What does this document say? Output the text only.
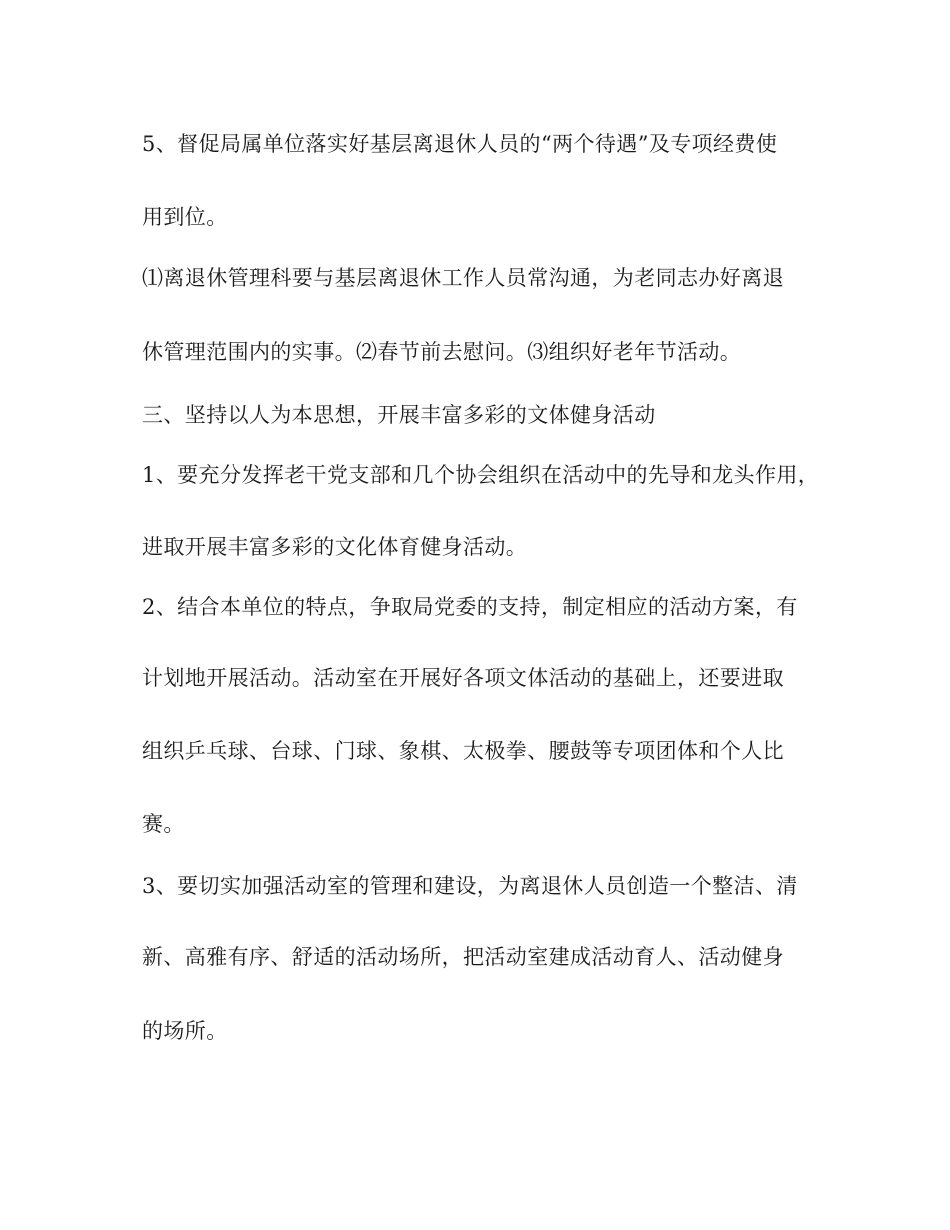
5、督促局属单位落实好基层离退休人员的“两个待遇”及专项经费使
用到位。
⑴离退休管理科要与基层离退休工作人员常沟通，为老同志办好离退
休管理范围内的实事。⑵春节前去慰问。⑶组织好老年节活动。
三、坚持以人为本思想，开展丰富多彩的文体健身活动
1、要充分发挥老干党支部和几个协会组织在活动中的先导和龙头作用，
进取开展丰富多彩的文化体育健身活动。
2、结合本单位的特点，争取局党委的支持，制定相应的活动方案，有
计划地开展活动。活动室在开展好各项文体活动的基础上，还要进取
组织乒乓球、台球、门球、象棋、太极拳、腰鼓等专项团体和个人比
赛。
3、要切实加强活动室的管理和建设，为离退休人员创造一个整洁、清
新、高雅有序、舒适的活动场所，把活动室建成活动育人、活动健身
的场所。
